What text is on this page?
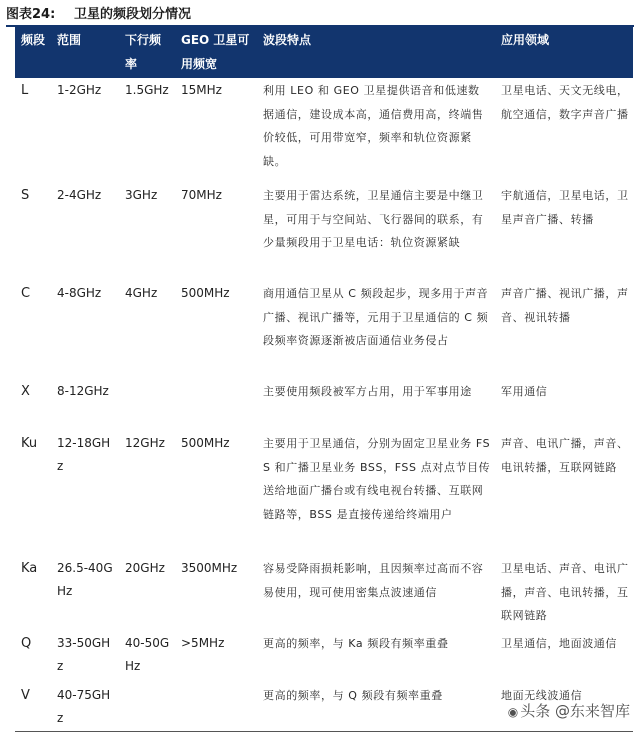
图表24: 卫星的频段划分情况
频段	范围	下行频率	GEO 卫星可用频宽	波段特点	应用领域
L	1-2GHz	1.5GHz	15MHz	利用 LEO 和 GEO 卫星提供语音和低速数据通信，建设成本高，通信费用高，终端售价较低，可用带宽窄，频率和轨位资源紧缺。	卫星电话、天文无线电，航空通信，数字声音广播
S	2-4GHz	3GHz	70MHz	主要用于雷达系统，卫星通信主要是中继卫星，可用于与空间站、飞行器间的联系，有少量频段用于卫星电话：轨位资源紧缺	宇航通信，卫星电话，卫星声音广播、转播
C	4-8GHz	4GHz	500MHz	商用通信卫星从 C 频段起步，现多用于声音广播、视讯广播等，元用于卫星通信的 C 频段频率资源逐渐被店面通信业务侵占	声音广播、视讯广播，声音、视讯转播
X	8-12GHz			主要使用频段被军方占用，用于军事用途	军用通信
Ku	12-18GHz	12GHz	500MHz	主要用于卫星通信，分别为固定卫星业务 FSS 和广播卫星业务 BSS，FSS 点对点节目传送给地面广播台或有线电视台转播、互联网链路等，BSS 是直接传递给终端用户	声音、电讯广播，声音、电讯转播，互联网链路
Ka	26.5-40GHz	20GHz	3500MHz	容易受降雨损耗影响，且因频率过高而不容易使用，现可使用密集点波速通信	卫星电话、声音、电讯广播，声音、电讯转播，互联网链路
Q	33-50GHz	40-50GHz	>5MHz	更高的频率，与 Ka 频段有频率重叠	卫星通信，地面波通信
V	40-75GHz			更高的频率，与 Q 频段有频率重叠	地面无线波通信
◉ 头条 @东来智库
